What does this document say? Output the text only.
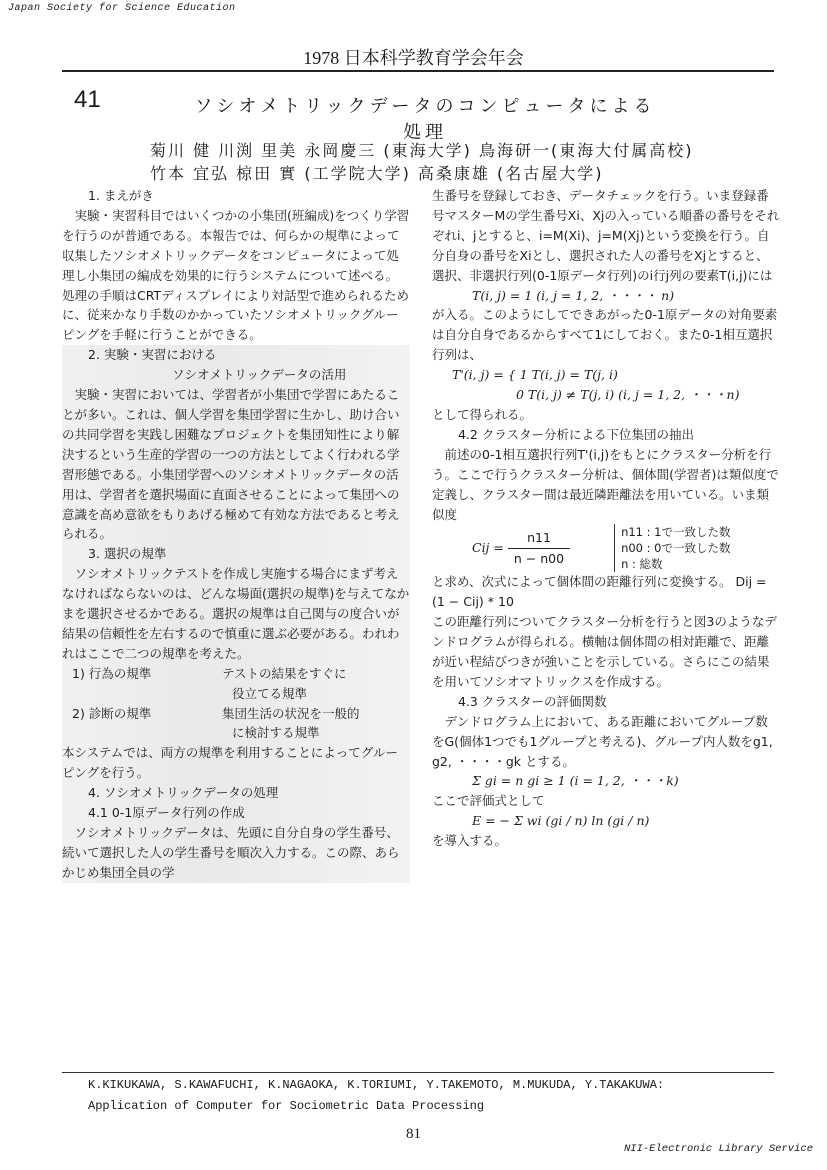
Japan Society for Science Education
1978 日本科学教育学会年会
41	ソシオメトリックデータのコンピュータによる処理
菊川 健 川渕 里美 永岡慶三 (東海大学) 鳥海研一(東海大付属高校)
竹本 宜弘 椋田 實 (工学院大学) 高桑康雄 (名古屋大学)
1. まえがき

実験・実習科目ではいくつかの小集団(班編成)をつくり学習を行うのが普通である。本報告では、何らかの規準によって収集したソシオメトリックデータをコンピュータによって処理し小集団の編成を効果的に行うシステムについて述べる。処理の手順はCRTディスプレイにより対話型で進められるために、従来かなり手数のかかっていたソシオメトリックグルーピングを手軽に行うことができる。

2. 実験・実習における
ソシオメトリックデータの活用

実験・実習においては、学習者が小集団で学習にあたることが多い。これは、個人学習を集団学習に生かし、助け合いの共同学習を実践し困難なプロジェクトを集団知性により解決するという生産的学習の一つの方法としてよく行われる学習形態である。小集団学習へのソシオメトリックデータの活用は、学習者を選択場面に直面させることによって集団への意識を高め意欲をもりあげる極めて有効な方法であると考えられる。

3. 選択の規準

ソシオメトリックテストを作成し実施する場合にまず考えなければならないのは、どんな場面(選択の規準)を与えてなかまを選択させるかである。選択の規準は自己関与の度合いが結果の信頼性を左右するので慎重に選ぶ必要がある。われわれはここで二つの規準を考えた。

1) 行為の規準	テストの結果をすぐに
役立てる規準
2) 診断の規準	集団生活の状況を一般的
に検討する規準

本システムでは、両方の規準を利用することによってグルーピングを行う。

4. ソシオメトリックデータの処理
4.1 0-1原データ行列の作成

ソシオメトリックデータは、先頭に自分自身の学生番号、続いて選択した人の学生番号を順次入力する。この際、あらかじめ集団全員の学

生番号を登録しておき、データチェックを行う。いま登録番号マスターMの学生番号Xi、Xjの入っている順番の番号をそれぞれi、jとすると、i=M(Xi)、j=M(Xj)という変換を行う。自分自身の番号をXiとし、選択された人の番号をXjとすると、選択、非選択行列(0-1原データ行列)のi行j列の要素T(i,j)には

T(i, j) = 1 (i, j = 1, 2, ・・・・ n)

が入る。このようにしてできあがった0-1原データの対角要素は自分自身であるからすべて1にしておく。また0-1相互選択行列は、

T'(i, j) = { 1 T(i, j) = T(j, i)
0 T(i, j) ≠ T(j, i) (i, j = 1, 2, ・・・n)

として得られる。

4.2 クラスター分析による下位集団の抽出

前述の0-1相互選択行列T'(i,j)をもとにクラスター分析を行う。ここで行うクラスター分析は、個体間(学習者)は類似度で定義し、クラスター間は最近隣距離法を用いている。いま類似度

Cij = $\frac{n11}{n - n00}$	n11 : 1で一致した数
n00 : 0で一致した数
n : 総数

と求め、次式によって個体間の距離行列に変換する。 Dij = (1 − Cij) * 10

この距離行列についてクラスター分析を行うと図3のようなデンドログラムが得られる。横軸は個体間の相対距離で、距離が近い程結びつきが強いことを示している。さらにこの結果を用いてソシオマトリックスを作成する。

4.3 クラスターの評価関数

デンドログラム上において、ある距離においてグループ数をG(個体1つでも1グループと考える)、グループ内人数をg1, g2, ・・・・gk とする。

Σ gi = n gi ≥ 1 (i = 1, 2, ・・・k)

ここで評価式として

E = − Σ wi (gi / n) ln (gi / n)

を導入する。

K.KIKUKAWA, S.KAWAFUCHI, K.NAGAOKA, K.TORIUMI, Y.TAKEMOTO, M.MUKUDA, Y.TAKAKUWA:
Application of Computer for Sociometric Data Processing
81
NII-Electronic Library Service
